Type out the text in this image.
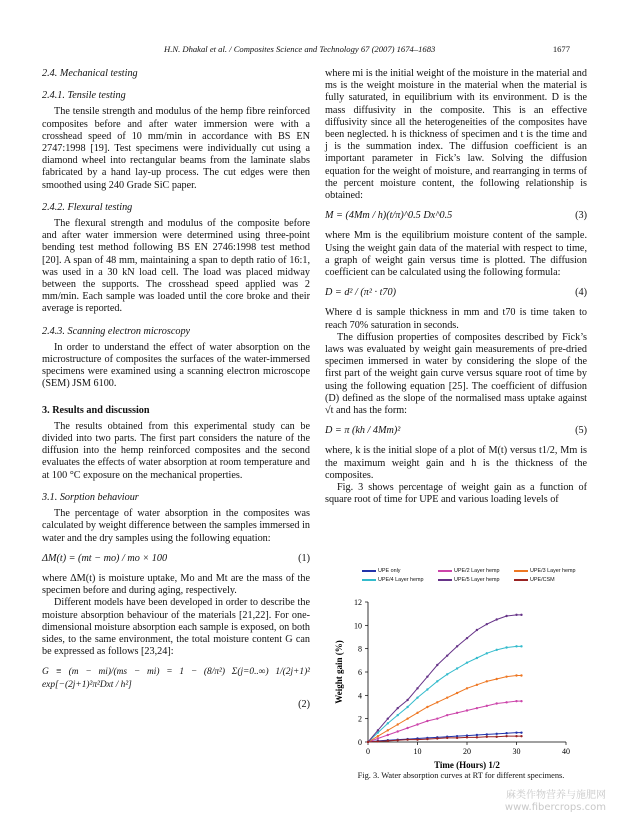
H.N. Dhakal et al. / Composites Science and Technology 67 (2007) 1674–1683	1677
2.4. Mechanical testing
2.4.1. Tensile testing

The tensile strength and modulus of the hemp fibre reinforced composites before and after water immersion were with a crosshead speed of 10 mm/min in accordance with BS EN 2747:1998 [19]. Test specimens were individually cut using a diamond wheel into rectangular beams from the laminate slabs fabricated by a hand lay-up process. The cut edges were then smoothed using 240 Grade SiC paper.

2.4.2. Flexural testing

The flexural strength and modulus of the composite before and after water immersion were determined using three-point bending test method following BS EN 2746:1998 test method [20]. A span of 48 mm, maintaining a span to depth ratio of 16:1, was used in a 30 kN load cell. The load was placed midway between the supports. The crosshead speed applied was 2 mm/min. Each sample was loaded until the core broke and their average is reported.

2.4.3. Scanning electron microscopy

In order to understand the effect of water absorption on the microstructure of composites the surfaces of the water-immersed specimens were examined using a scanning electron microscope (SEM) JSM 6100.

3. Results and discussion

The results obtained from this experimental study can be divided into two parts. The first part considers the nature of the diffusion into the hemp reinforced composites and the second evaluates the effects of water absorption at room temperature and at 100 °C exposure on the mechanical properties.

3.1. Sorption behaviour

The percentage of water absorption in the composites was calculated by weight difference between the samples immersed in water and the dry samples using the following equation:

ΔM(t) = (mt − mo) / mo × 100	(1)

where ΔM(t) is moisture uptake, Mo and Mt are the mass of the specimen before and during aging, respectively.

Different models have been developed in order to describe the moisture absorption behaviour of the materials [21,22]. For one-dimensional moisture absorption each sample is exposed, on both sides, to the same environment, the total moisture content G can be expressed as follows [23,24]:

G ≡ (m − mi)/(ms − mi) = 1 − (8/π²) Σ(j=0..∞) 1/(2j+1)² exp[−(2j+1)²π²Dxt / h²]
(2)

where mi is the initial weight of the moisture in the material and ms is the weight moisture in the material when the material is fully saturated, in equilibrium with its environment. D is the mass diffusivity in the composite. This is an effective diffusivity since all the heterogeneities of the composites have been neglected. h is thickness of specimen and t is the time and j is the summation index. The diffusion coefficient is an important parameter in Fick’s law. Solving the diffusion equation for the weight of moisture, and rearranging in terms of the percent moisture content, the following relationship is obtained:

M = (4Mm / h)(t/π)^0.5 Dx^0.5	(3)

where Mm is the equilibrium moisture content of the sample. Using the weight gain data of the material with respect to time, a graph of weight gain versus time is plotted. The diffusion coefficient can be calculated using the following formula:

D = d² / (π² · t70)	(4)

Where d is sample thickness in mm and t70 is time taken to reach 70% saturation in seconds.

The diffusion properties of composites described by Fick’s laws was evaluated by weight gain measurements of pre-dried specimen immersed in water by considering the slope of the first part of the weight gain curve versus square root of time by using the following equation [25]. The coefficient of diffusion (D) defined as the slope of the normalised mass uptake against √t and has the form:

D = π (kh / 4Mm)²	(5)

where, k is the initial slope of a plot of M(t) versus t1/2, Mm is the maximum weight gain and h is the thickness of the composites.

Fig. 3 shows percentage of weight gain as a function of square root of time for UPE and various loading levels of

UPE only	UPE/2 Layer hemp	UPE/3 Layer hemp
UPE/4 Layer hemp	UPE/5 Layer hemp	UPE/CSM
0	10	20	30	40
0
2
4
6
8
10
12
Time (Hours) 1/2
Weight gain (%)
Fig. 3. Water absorption curves at RT for different specimens.
麻类作物营养与施肥网
www.fibercrops.com
